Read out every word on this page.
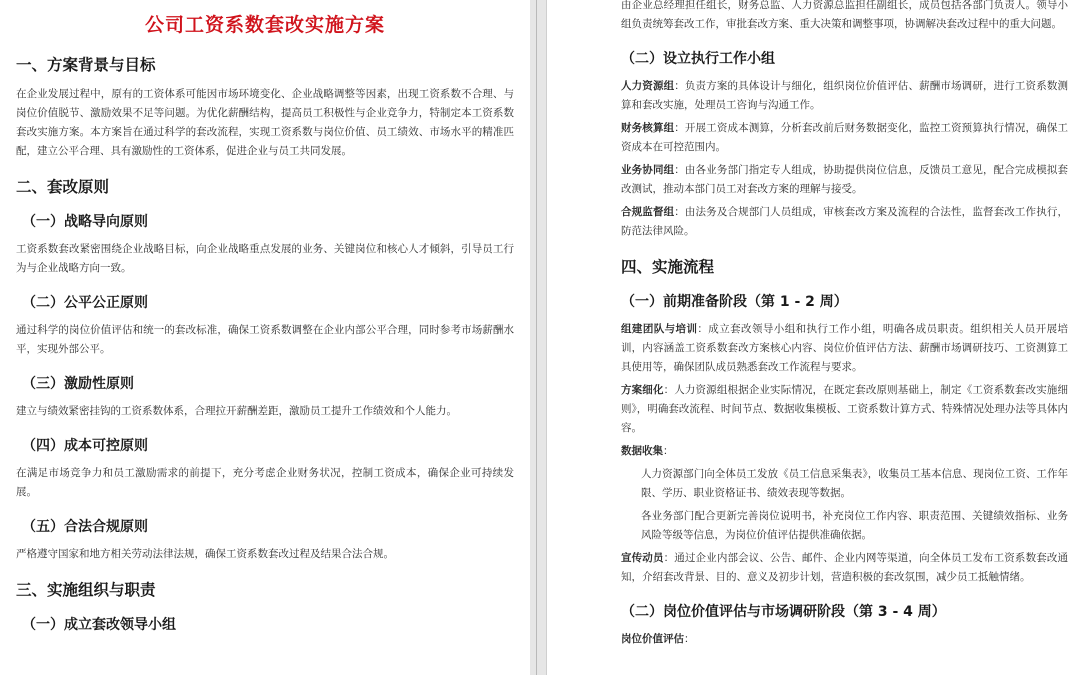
公司工资系数套改实施方案
一、方案背景与目标
在企业发展过程中，原有的工资体系可能因市场环境变化、企业战略调整等因素，出现工资系数不合理、与岗位价值脱节、激励效果不足等问题。为优化薪酬结构，提高员工积极性与企业竞争力，特制定本工资系数套改实施方案。本方案旨在通过科学的套改流程，实现工资系数与岗位价值、员工绩效、市场水平的精准匹配，建立公平合理、具有激励性的工资体系，促进企业与员工共同发展。
二、套改原则
（一）战略导向原则
工资系数套改紧密围绕企业战略目标，向企业战略重点发展的业务、关键岗位和核心人才倾斜，引导员工行为与企业战略方向一致。
（二）公平公正原则
通过科学的岗位价值评估和统一的套改标准，确保工资系数调整在企业内部公平合理，同时参考市场薪酬水平，实现外部公平。
（三）激励性原则
建立与绩效紧密挂钩的工资系数体系，合理拉开薪酬差距，激励员工提升工作绩效和个人能力。
（四）成本可控原则
在满足市场竞争力和员工激励需求的前提下，充分考虑企业财务状况，控制工资成本，确保企业可持续发展。
（五）合法合规原则
严格遵守国家和地方相关劳动法律法规，确保工资系数套改过程及结果合法合规。
三、实施组织与职责
（一）成立套改领导小组
由企业总经理担任组长，财务总监、人力资源总监担任副组长，成员包括各部门负责人。领导小组负责统筹套改工作，审批套改方案、重大决策和调整事项，协调解决套改过程中的重大问题。
（二）设立执行工作小组
人力资源组：负责方案的具体设计与细化，组织岗位价值评估、薪酬市场调研，进行工资系数测算和套改实施，处理员工咨询与沟通工作。
财务核算组：开展工资成本测算，分析套改前后财务数据变化，监控工资预算执行情况，确保工资成本在可控范围内。
业务协同组：由各业务部门指定专人组成，协助提供岗位信息，反馈员工意见，配合完成模拟套改测试，推动本部门员工对套改方案的理解与接受。
合规监督组：由法务及合规部门人员组成，审核套改方案及流程的合法性，监督套改工作执行，防范法律风险。
四、实施流程
（一）前期准备阶段（第 1 - 2 周）
组建团队与培训：成立套改领导小组和执行工作小组，明确各成员职责。组织相关人员开展培训，内容涵盖工资系数套改方案核心内容、岗位价值评估方法、薪酬市场调研技巧、工资测算工具使用等，确保团队成员熟悉套改工作流程与要求。
方案细化：人力资源组根据企业实际情况，在既定套改原则基础上，制定《工资系数套改实施细则》，明确套改流程、时间节点、数据收集模板、工资系数计算方式、特殊情况处理办法等具体内容。
数据收集：
人力资源部门向全体员工发放《员工信息采集表》，收集员工基本信息、现岗位工资、工作年限、学历、职业资格证书、绩效表现等数据。
各业务部门配合更新完善岗位说明书，补充岗位工作内容、职责范围、关键绩效指标、业务风险等级等信息，为岗位价值评估提供准确依据。
宣传动员：通过企业内部会议、公告、邮件、企业内网等渠道，向全体员工发布工资系数套改通知，介绍套改背景、目的、意义及初步计划，营造积极的套改氛围，减少员工抵触情绪。
（二）岗位价值评估与市场调研阶段（第 3 - 4 周）
岗位价值评估：
